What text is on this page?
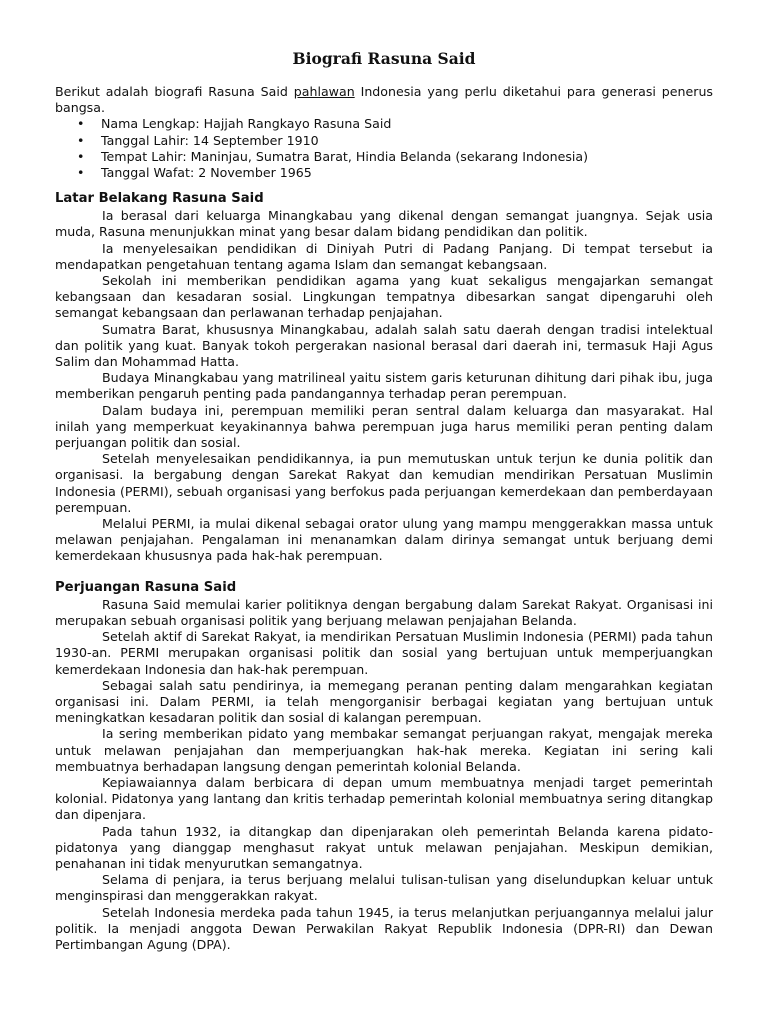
Biografi Rasuna Said

Berikut adalah biografi Rasuna Said pahlawan Indonesia yang perlu diketahui para generasi penerus bangsa.

• Nama Lengkap: Hajjah Rangkayo Rasuna Said
• Tanggal Lahir: 14 September 1910
• Tempat Lahir: Maninjau, Sumatra Barat, Hindia Belanda (sekarang Indonesia)
• Tanggal Wafat: 2 November 1965
Latar Belakang Rasuna Said

Ia berasal dari keluarga Minangkabau yang dikenal dengan semangat juangnya. Sejak usia muda, Rasuna menunjukkan minat yang besar dalam bidang pendidikan dan politik.

Ia menyelesaikan pendidikan di Diniyah Putri di Padang Panjang. Di tempat tersebut ia mendapatkan pengetahuan tentang agama Islam dan semangat kebangsaan.

Sekolah ini memberikan pendidikan agama yang kuat sekaligus mengajarkan semangat kebangsaan dan kesadaran sosial. Lingkungan tempatnya dibesarkan sangat dipengaruhi oleh semangat kebangsaan dan perlawanan terhadap penjajahan.

Sumatra Barat, khususnya Minangkabau, adalah salah satu daerah dengan tradisi intelektual dan politik yang kuat. Banyak tokoh pergerakan nasional berasal dari daerah ini, termasuk Haji Agus Salim dan Mohammad Hatta.

Budaya Minangkabau yang matrilineal yaitu sistem garis keturunan dihitung dari pihak ibu, juga memberikan pengaruh penting pada pandangannya terhadap peran perempuan.

Dalam budaya ini, perempuan memiliki peran sentral dalam keluarga dan masyarakat. Hal inilah yang memperkuat keyakinannya bahwa perempuan juga harus memiliki peran penting dalam perjuangan politik dan sosial.

Setelah menyelesaikan pendidikannya, ia pun memutuskan untuk terjun ke dunia politik dan organisasi. Ia bergabung dengan Sarekat Rakyat dan kemudian mendirikan Persatuan Muslimin Indonesia (PERMI), sebuah organisasi yang berfokus pada perjuangan kemerdekaan dan pemberdayaan perempuan.

Melalui PERMI, ia mulai dikenal sebagai orator ulung yang mampu menggerakkan massa untuk melawan penjajahan. Pengalaman ini menanamkan dalam dirinya semangat untuk berjuang demi kemerdekaan khususnya pada hak-hak perempuan.

Perjuangan Rasuna Said

Rasuna Said memulai karier politiknya dengan bergabung dalam Sarekat Rakyat. Organisasi ini merupakan sebuah organisasi politik yang berjuang melawan penjajahan Belanda.

Setelah aktif di Sarekat Rakyat, ia mendirikan Persatuan Muslimin Indonesia (PERMI) pada tahun 1930-an. PERMI merupakan organisasi politik dan sosial yang bertujuan untuk memperjuangkan kemerdekaan Indonesia dan hak-hak perempuan.

Sebagai salah satu pendirinya, ia memegang peranan penting dalam mengarahkan kegiatan organisasi ini. Dalam PERMI, ia telah mengorganisir berbagai kegiatan yang bertujuan untuk meningkatkan kesadaran politik dan sosial di kalangan perempuan.

Ia sering memberikan pidato yang membakar semangat perjuangan rakyat, mengajak mereka untuk melawan penjajahan dan memperjuangkan hak-hak mereka. Kegiatan ini sering kali membuatnya berhadapan langsung dengan pemerintah kolonial Belanda.

Kepiawaiannya dalam berbicara di depan umum membuatnya menjadi target pemerintah kolonial. Pidatonya yang lantang dan kritis terhadap pemerintah kolonial membuatnya sering ditangkap dan dipenjara.

Pada tahun 1932, ia ditangkap dan dipenjarakan oleh pemerintah Belanda karena pidato-pidatonya yang dianggap menghasut rakyat untuk melawan penjajahan. Meskipun demikian, penahanan ini tidak menyurutkan semangatnya.

Selama di penjara, ia terus berjuang melalui tulisan-tulisan yang diselundupkan keluar untuk menginspirasi dan menggerakkan rakyat.

Setelah Indonesia merdeka pada tahun 1945, ia terus melanjutkan perjuangannya melalui jalur politik. Ia menjadi anggota Dewan Perwakilan Rakyat Republik Indonesia (DPR-RI) dan Dewan Pertimbangan Agung (DPA).
